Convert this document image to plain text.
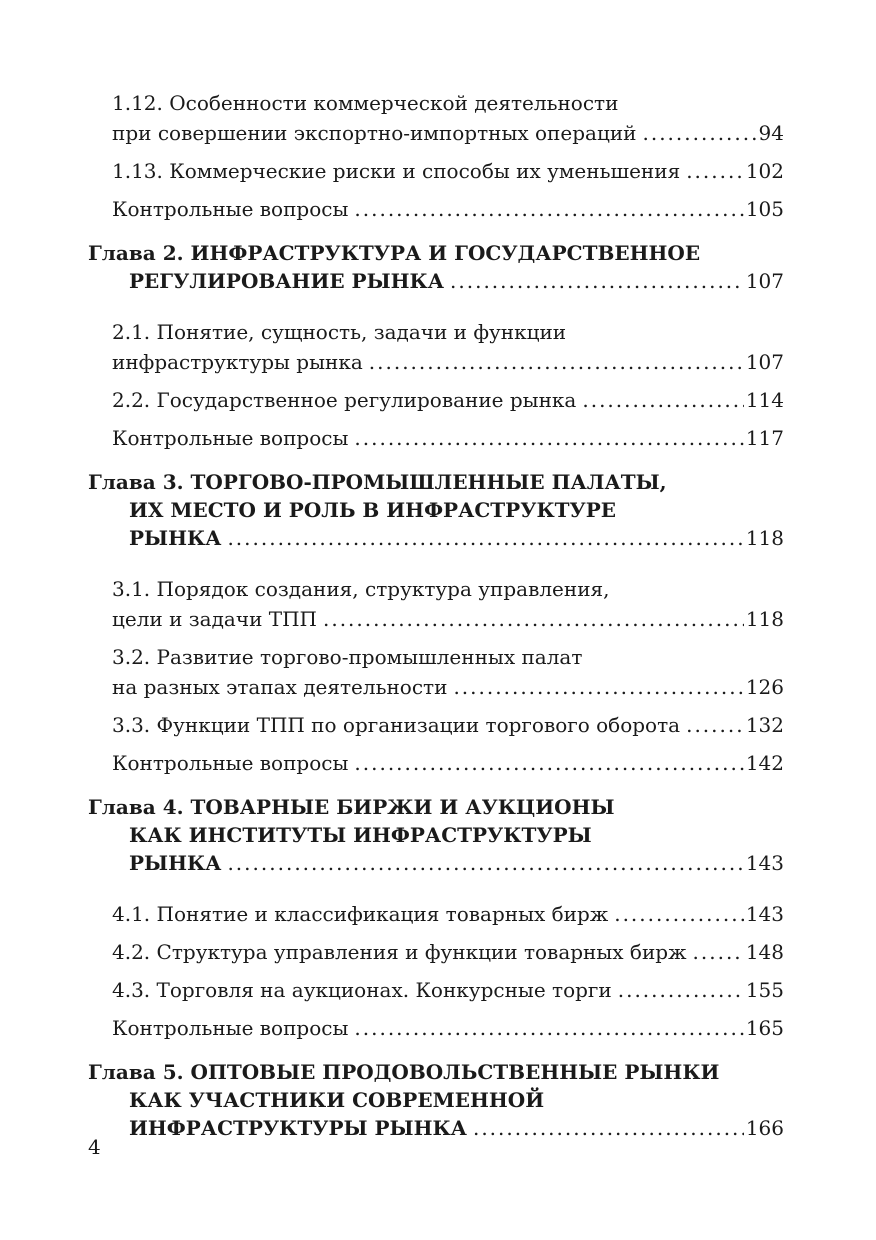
1.12. Особенности коммерческой деятельности
при совершении экспортно-импортных операций .....	94
1.13. Коммерческие риски и способы их уменьшения .....	102
Контрольные вопросы .....	105
Глава 2. ИНФРАСТРУКТУРА И ГОСУДАРСТВЕННОЕ
РЕГУЛИРОВАНИЕ РЫНКА .....	107
2.1. Понятие, сущность, задачи и функции
инфраструктуры рынка .....	107
2.2. Государственное регулирование рынка .....	114
Контрольные вопросы .....	117
Глава 3. ТОРГОВО-ПРОМЫШЛЕННЫЕ ПАЛАТЫ,
ИХ МЕСТО И РОЛЬ В ИНФРАСТРУКТУРЕ
РЫНКА .....	118
3.1. Порядок создания, структура управления,
цели и задачи ТПП .....	118
3.2. Развитие торгово-промышленных палат
на разных этапах деятельности .....	126
3.3. Функции ТПП по организации торгового оборота .....	132
Контрольные вопросы .....	142
Глава 4. ТОВАРНЫЕ БИРЖИ И АУКЦИОНЫ
КАК ИНСТИТУТЫ ИНФРАСТРУКТУРЫ
РЫНКА .....	143
4.1. Понятие и классификация товарных бирж .....	143
4.2. Структура управления и функции товарных бирж .....	148
4.3. Торговля на аукционах. Конкурсные торги .....	155
Контрольные вопросы .....	165
Глава 5. ОПТОВЫЕ ПРОДОВОЛЬСТВЕННЫЕ РЫНКИ
КАК УЧАСТНИКИ СОВРЕМЕННОЙ
ИНФРАСТРУКТУРЫ РЫНКА .....	166
4
